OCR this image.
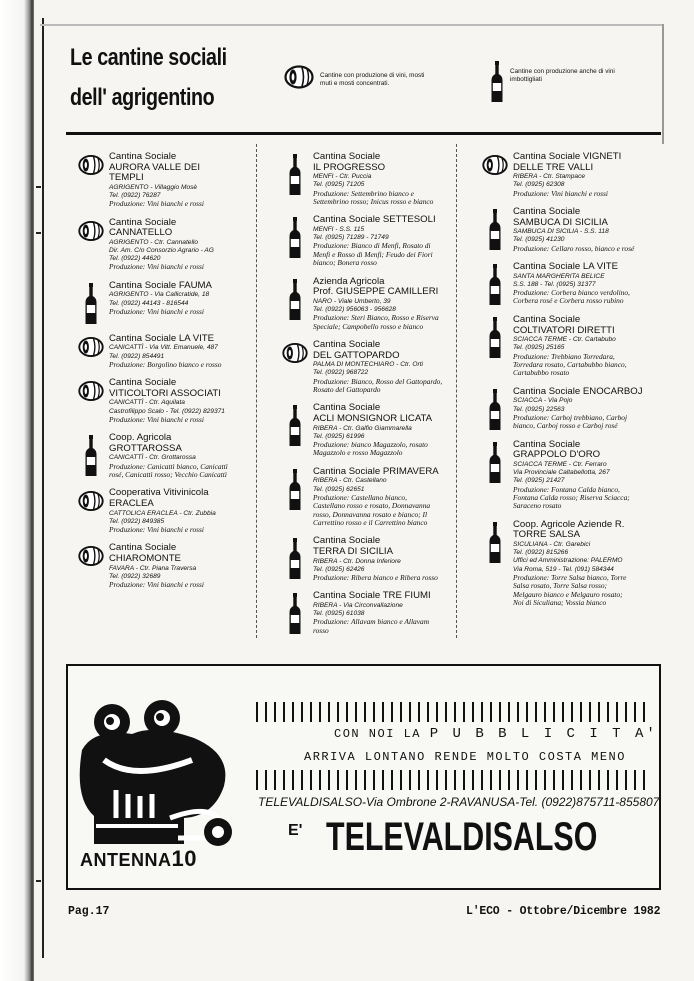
Le cantine sociali
dell' agrigentino
Cantine con produzione di vini, mosti muti e mosti concentrati.
Cantine con produzione anche di vini imbottigliati
Cantina Sociale
AURORA VALLE DEI
TEMPLI
AGRIGENTO - Villaggio Mosè
Tel. (0922) 76287
Produzione: Vini bianchi e rossi
Cantina Sociale
CANNATELLO
AGRIGENTO - Ctr. Cannatello
Dir. Am. C/o Consorzio Agrario - AG
Tel. (0922) 44620
Produzione: Vini bianchi e rossi
Cantina Sociale FAUMA
AGRIGENTO - Via Callicratide, 18
Tel. (0922) 44143 - 816544
Produzione: Vini bianchi e rossi
Cantina Sociale LA VITE
CANICATTÌ - Via Vitt. Emanuele, 487
Tel. (0922) 854491
Produzione: Borgolino bianco e rosso
Cantina Sociale
VITICOLTORI ASSOCIATI
CANICATTÌ - Ctr. Aquilata
Castrofilippo Scalo - Tel. (0922) 829371
Produzione: Vini bianchi e rossi
Coop. Agricola
GROTTAROSSA
CANICATTÌ - Ctr. Grottarossa
Produzione: Canicattì bianco, Canicattì
rosé, Canicattì rosso; Vecchio Canicattì
Cooperativa Vitivinicola
ERACLEA
CATTOLICA ERACLEA - Ctr. Zubbia
Tel. (0922) 849385
Produzione: Vini bianchi e rossi
Cantina Sociale
CHIAROMONTE
FAVARA - Ctr. Piana Traversa
Tel. (0922) 32689
Produzione: Vini bianchi e rossi
Cantina Sociale
IL PROGRESSO
MENFI - Ctr. Puccia
Tel. (0925) 71205
Produzione: Settembrino bianco e
Settembrino rosso; Inicus rosso e bianco
Cantina Sociale SETTESOLI
MENFI - S.S. 115
Tel. (0925) 71289 - 71749
Produzione: Bianco di Menfi, Rosato di
Menfi e Rosso di Menfi; Feudo dei Fiori
bianco; Bonera rosso
Azienda Agricola
Prof. GIUSEPPE CAMILLERI
NARO - Viale Umberto, 39
Tel. (0922) 956063 - 956628
Produzione: Steri Bianco, Rosso e Riserva
Speciale; Campobello rosso e bianco
Cantina Sociale
DEL GATTOPARDO
PALMA DI MONTECHIARO - Ctr. Orti
Tel. (0922) 968722
Produzione: Bianco, Rosso del Gattopardo,
Rosato del Gattopardo
Cantina Sociale
ACLI MONSIGNOR LICATA
RIBERA - Ctr. Galfio Giammarella
Tel. (0925) 61996
Produzione: bianco Magazzolo, rosato
Magazzolo e rosso Magazzolo
Cantina Sociale PRIMAVERA
RIBERA - Ctr. Castellano
Tel. (0925) 62651
Produzione: Castellano bianco,
Castellano rosso e rosato, Donnavanna
rosso, Donnavanna rosato e bianco; Il
Carrettino rosso e il Carrettino bianco
Cantina Sociale
TERRA DI SICILIA
RIBERA - Ctr. Donna Inferiore
Tel. (0925) 62426
Produzione: Ribera bianco e Ribera rosso
Cantina Sociale TRE FIUMI
RIBERA - Via Circonvallazione
Tel. (0925) 61038
Produzione: Allavam bianco e Allavam
rosso
Cantina Sociale VIGNETI
DELLE TRE VALLI
RIBERA - Ctr. Stampace
Tel. (0925) 62308
Produzione: Vini bianchi e rossi
Cantina Sociale
SAMBUCA DI SICILIA
SAMBUCA DI SICILIA - S.S. 118
Tel. (0925) 41230
Produzione: Cellaro rosso, bianco e rosé
Cantina Sociale LA VITE
SANTA MARGHERITA BELICE
S.S. 188 - Tel. (0925) 31377
Produzione: Corbera bianco verdolino,
Corbera rosé e Corbera rosso rubino
Cantina Sociale
COLTIVATORI DIRETTI
SCIACCA TERME - Ctr. Cartabubo
Tel. (0925) 25165
Produzione: Trebbiano Torredara,
Torredara rosato, Cartabubbo bianco,
Cartabubbo rosato
Cantina Sociale ENOCARBOJ
SCIACCA - Via Pojo
Tel. (0925) 22563
Produzione: Carboj trebbiano, Carboj
bianco, Carboj rosso e Carboj rosé
Cantina Sociale
GRAPPOLO D'ORO
SCIACCA TERME - Ctr. Ferraro
Via Provinciale Caltabellotta, 267
Tel. (0925) 21427
Produzione: Fontana Calda bianco,
Fontana Calda rosso; Riserva Sciacca;
Saraceno rosato
Coop. Agricole Aziende R.
TORRE SALSA
SICULIANA - Ctr. Garebici
Tel. (0922) 815266
Uffici ed Amministrazione: PALERMO
Via Roma, 519 - Tel. (091) 584344
Produzione: Torre Salsa bianco, Torre
Salsa rosato, Torre Salsa rosso;
Melgauro bianco e Melgauro rosato;
Noi di Siculiana; Vossia bianco
ANTENNA10
CON NOI LA P U B B L I C I T A'
ARRIVA LONTANO RENDE MOLTO COSTA MENO
TELEVALDISALSO-Via Ombrone 2-RAVANUSA-Tel. (0922)875711-855807
E' TELEVALDISALSO
Pag.17	L'ECO - Ottobre/Dicembre 1982
